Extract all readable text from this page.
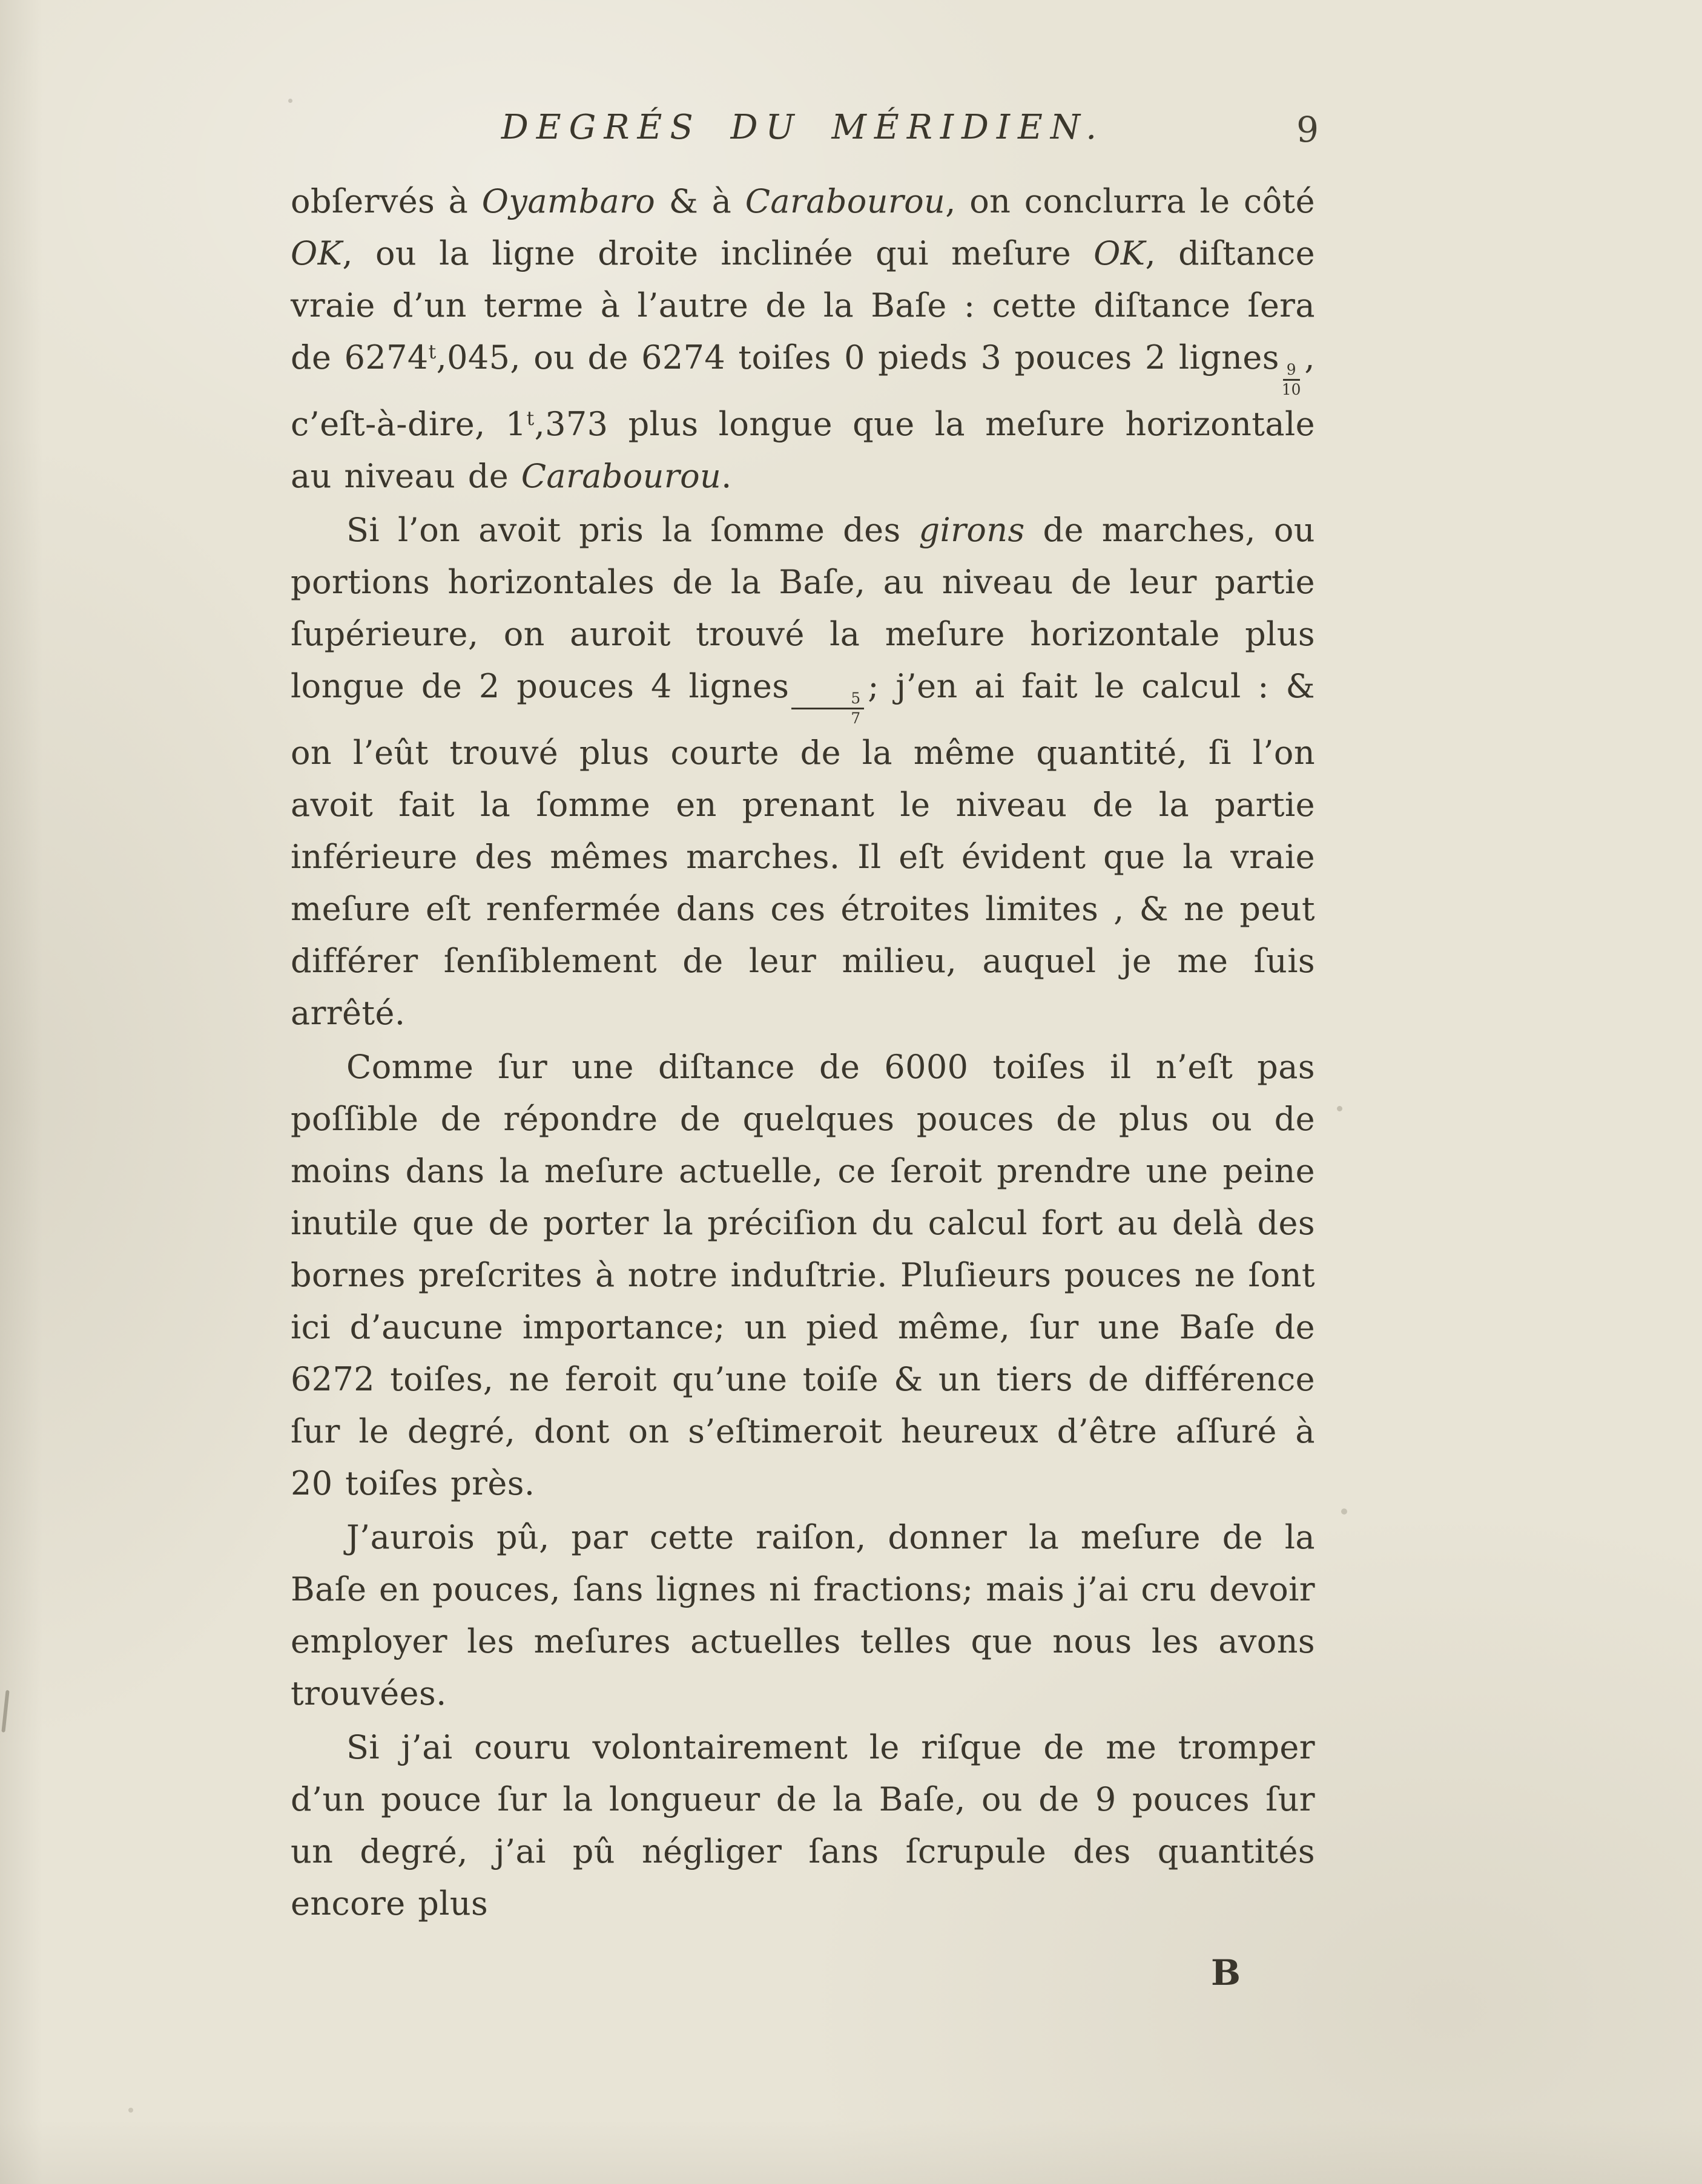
DEGRÉS DU MÉRIDIEN.	9

obſervés à Oyambaro & à Carabourou, on conclurra le côté OK, ou la ligne droite inclinée qui meſure OK, diſtance vraie d’un terme à l’autre de la Baſe : cette diſtance ſera de 6274$^t$,045, ou de 6274 toiſes 0 pieds 3 pouces 2 lignes
$\frac{9}{10}$
, c’eſt-à-dire, 1$^t$,373 plus longue que la meſure horizontale au niveau de Carabourou.

Si l’on avoit pris la ſomme des girons de marches, ou portions horizontales de la Baſe, au niveau de leur partie ſupérieure, on auroit trouvé la meſure horizontale plus longue de 2 pouces 4 lignes
$\frac{5}{7}$
; j’en ai fait le calcul : & on l’eût trouvé plus courte de la même quantité, ſi l’on avoit fait la ſomme en prenant le niveau de la partie inférieure des mêmes marches. Il eſt évident que la vraie meſure eſt renfermée dans ces étroites limites , & ne peut différer ſenſiblement de leur milieu, auquel je me ſuis arrêté.

Comme ſur une diſtance de 6000 toiſes il n’eſt pas poſſible de répondre de quelques pouces de plus ou de moins dans la meſure actuelle, ce ſeroit prendre une peine inutile que de porter la préciſion du calcul fort au delà des bornes preſcrites à notre induſtrie. Pluſieurs pouces ne ſont ici d’aucune importance; un pied même, ſur une Baſe de 6272 toiſes, ne feroit qu’une toiſe & un tiers de différence ſur le degré, dont on s’eſtimeroit heureux d’être aſſuré à 20 toiſes près.

J’aurois pû, par cette raiſon, donner la meſure de la Baſe en pouces, ſans lignes ni fractions; mais j’ai cru devoir employer les meſures actuelles telles que nous les avons trouvées.

Si j’ai couru volontairement le riſque de me tromper d’un pouce ſur la longueur de la Baſe, ou de 9 pouces ſur un degré, j’ai pû négliger ſans ſcrupule des quantités encore plus

B
